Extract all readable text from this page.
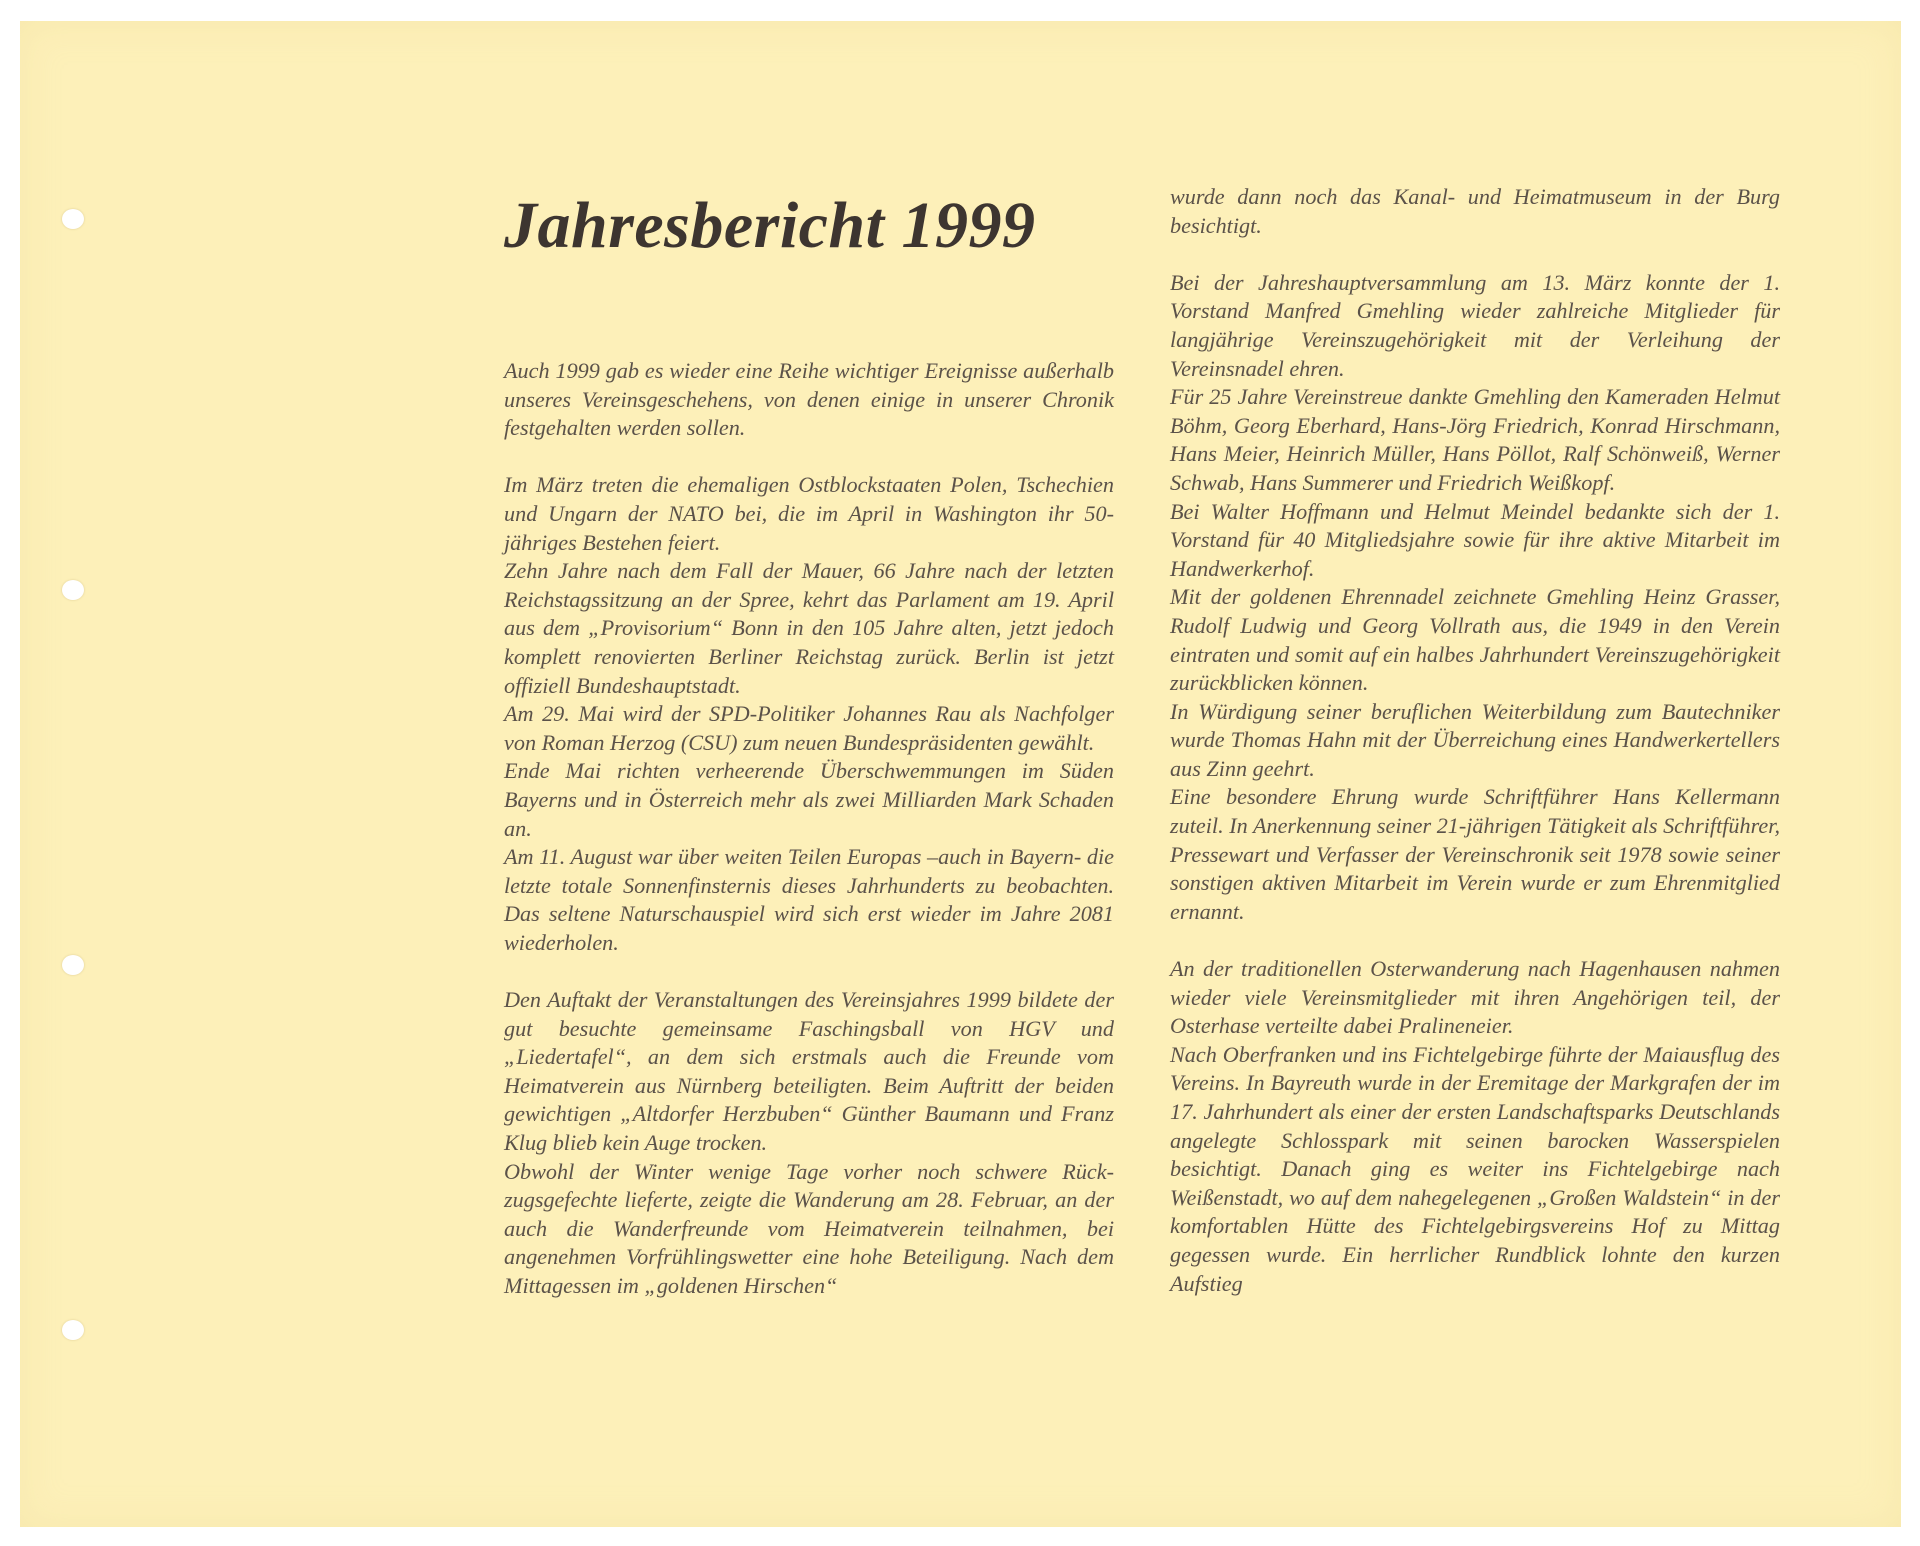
Jahresbericht 1999

Auch 1999 gab es wieder eine Reihe wichtiger Ereignisse außerhalb unseres Vereinsgeschehens, von denen einige in unserer Chronik festgehalten werden sollen.

Im März treten die ehemaligen Ostblockstaaten Polen, Tschechien und Ungarn der NATO bei, die im April in Washington ihr 50-jähriges Bestehen feiert.

Zehn Jahre nach dem Fall der Mauer, 66 Jahre nach der letzten Reichstagssitzung an der Spree, kehrt das Parlament am 19. April aus dem „Provisorium“ Bonn in den 105 Jahre alten, jetzt jedoch komplett renovierten Berliner Reichstag zurück. Berlin ist jetzt offiziell Bundeshauptstadt.

Am 29. Mai wird der SPD-Politiker Johannes Rau als Nachfolger von Roman Herzog (CSU) zum neuen Bundespräsidenten gewählt.

Ende Mai richten verheerende Überschwemmungen im Süden Bayerns und in Österreich mehr als zwei Milliarden Mark Schaden an.

Am 11. August war über weiten Teilen Europas –auch in Bayern- die letzte totale Sonnenfinsternis dieses Jahrhunderts zu beobachten. Das seltene Naturschauspiel wird sich erst wieder im Jahre 2081 wiederholen.

Den Auftakt der Veranstaltungen des Vereinsjahres 1999 bildete der gut besuchte gemeinsame Faschingsball von HGV und „Liedertafel“, an dem sich erstmals auch die Freunde vom Heimatverein aus Nürnberg beteiligten. Beim Auftritt der beiden gewichtigen „Altdorfer Herzbuben“ Günther Baumann und Franz Klug blieb kein Auge trocken.

Obwohl der Winter wenige Tage vorher noch schwere Rückzugsgefechte lieferte, zeigte die Wanderung am 28. Februar, an der auch die Wanderfreunde vom Heimatverein teilnahmen, bei angenehmen Vorfrühlingswetter eine hohe Beteiligung. Nach dem Mittagessen im „goldenen Hirschen“

wurde dann noch das Kanal- und Heimatmuseum in der Burg besichtigt.

Bei der Jahreshauptversammlung am 13. März konnte der 1. Vorstand Manfred Gmehling wieder zahlreiche Mitglieder für langjährige Vereinszugehörigkeit mit der Verleihung der Vereinsnadel ehren.

Für 25 Jahre Vereinstreue dankte Gmehling den Kameraden Helmut Böhm, Georg Eberhard, Hans-Jörg Friedrich, Konrad Hirschmann, Hans Meier, Heinrich Müller, Hans Pöllot, Ralf Schönweiß, Werner Schwab, Hans Summerer und Friedrich Weißkopf.

Bei Walter Hoffmann und Helmut Meindel bedankte sich der 1. Vorstand für 40 Mitgliedsjahre sowie für ihre aktive Mitarbeit im Handwerkerhof.

Mit der goldenen Ehrennadel zeichnete Gmehling Heinz Grasser, Rudolf Ludwig und Georg Vollrath aus, die 1949 in den Verein eintraten und somit auf ein halbes Jahrhundert Vereinszugehörigkeit zurückblicken können.

In Würdigung seiner beruflichen Weiterbildung zum Bautechniker wurde Thomas Hahn mit der Überreichung eines Handwerkertellers aus Zinn geehrt.

Eine besondere Ehrung wurde Schriftführer Hans Kellermann zuteil. In Anerkennung seiner 21-jährigen Tätigkeit als Schriftführer, Pressewart und Verfasser der Vereinschronik seit 1978 sowie seiner sonstigen aktiven Mitarbeit im Verein wurde er zum Ehrenmitglied ernannt.

An der traditionellen Osterwanderung nach Hagenhausen nahmen wieder viele Vereinsmitglieder mit ihren Angehörigen teil, der Osterhase verteilte dabei Pralineneier.

Nach Oberfranken und ins Fichtelgebirge führte der Maiausflug des Vereins. In Bayreuth wurde in der Eremitage der Markgrafen der im 17. Jahrhundert als einer der ersten Landschaftsparks Deutschlands angelegte Schlosspark mit seinen barocken Wasserspielen besichtigt. Danach ging es weiter ins Fichtelgebirge nach Weißenstadt, wo auf dem nahegelegenen „Großen Waldstein“ in der komfortablen Hütte des Fichtelgebirgsvereins Hof zu Mittag gegessen wurde. Ein herrlicher Rundblick lohnte den kurzen Aufstieg
